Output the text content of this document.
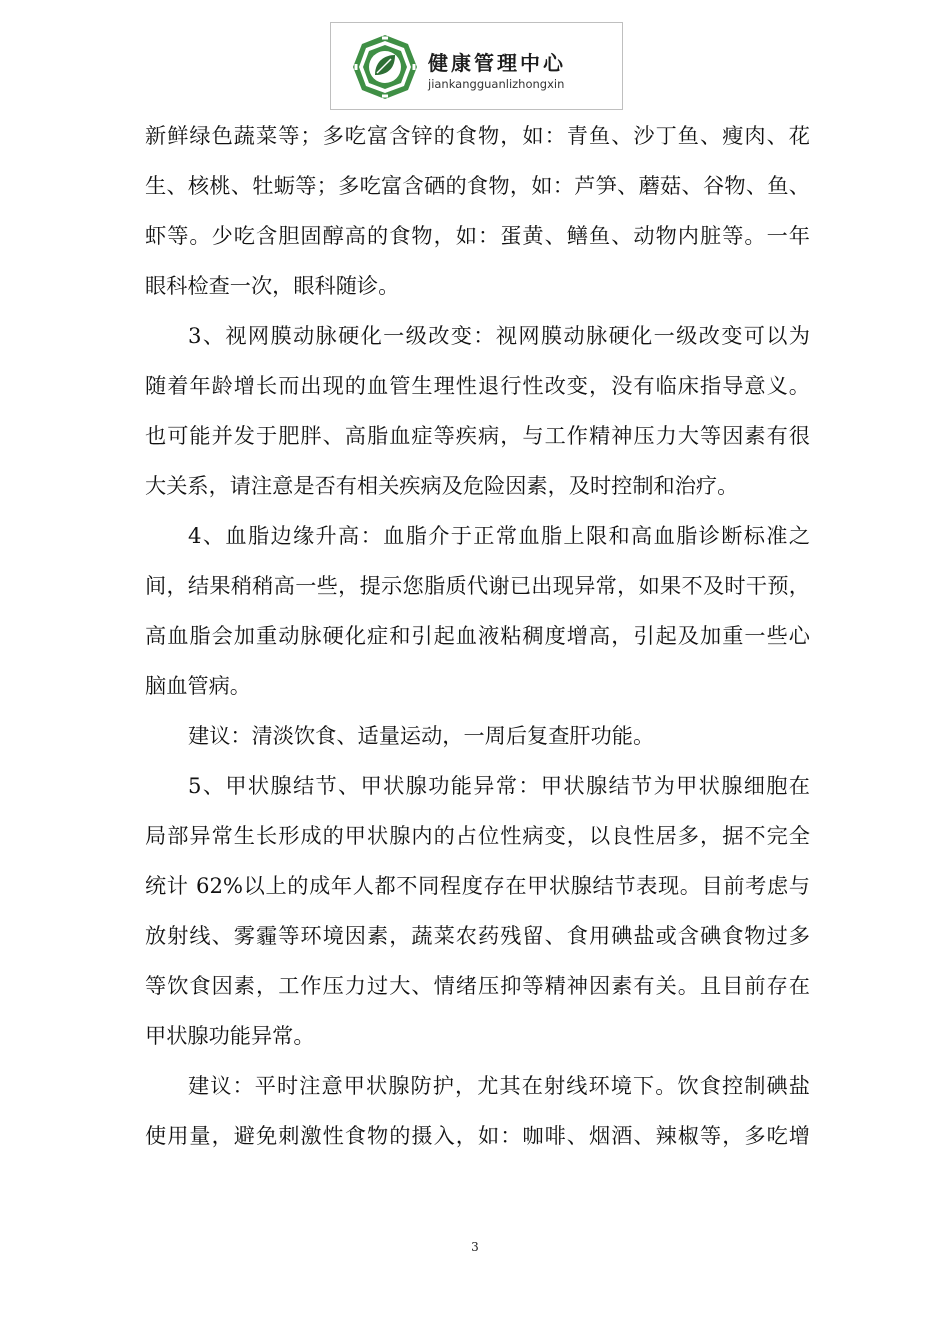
健康管理中心
jiankangguanlizhongxin
新鲜绿色蔬菜等；多吃富含锌的食物，如：青鱼、沙丁鱼、瘦肉、花
生、核桃、牡蛎等；多吃富含硒的食物，如：芦笋、蘑菇、谷物、鱼、
虾等。少吃含胆固醇高的食物，如：蛋黄、鳝鱼、动物内脏等。一年
眼科检查一次，眼科随诊。
3、视网膜动脉硬化一级改变：视网膜动脉硬化一级改变可以为
随着年龄增长而出现的血管生理性退行性改变，没有临床指导意义。
也可能并发于肥胖、高脂血症等疾病，与工作精神压力大等因素有很
大关系，请注意是否有相关疾病及危险因素，及时控制和治疗。
4、血脂边缘升高：血脂介于正常血脂上限和高血脂诊断标准之
间，结果稍稍高一些，提示您脂质代谢已出现异常，如果不及时干预，
高血脂会加重动脉硬化症和引起血液粘稠度增高，引起及加重一些心
脑血管病。
建议：清淡饮食、适量运动，一周后复查肝功能。
5、甲状腺结节、甲状腺功能异常：甲状腺结节为甲状腺细胞在
局部异常生长形成的甲状腺内的占位性病变，以良性居多，据不完全
统计 62%以上的成年人都不同程度存在甲状腺结节表现。目前考虑与
放射线、雾霾等环境因素，蔬菜农药残留、食用碘盐或含碘食物过多
等饮食因素，工作压力过大、情绪压抑等精神因素有关。且目前存在
甲状腺功能异常。
建议：平时注意甲状腺防护，尤其在射线环境下。饮食控制碘盐
使用量，避免刺激性食物的摄入，如：咖啡、烟酒、辣椒等，多吃增
3
